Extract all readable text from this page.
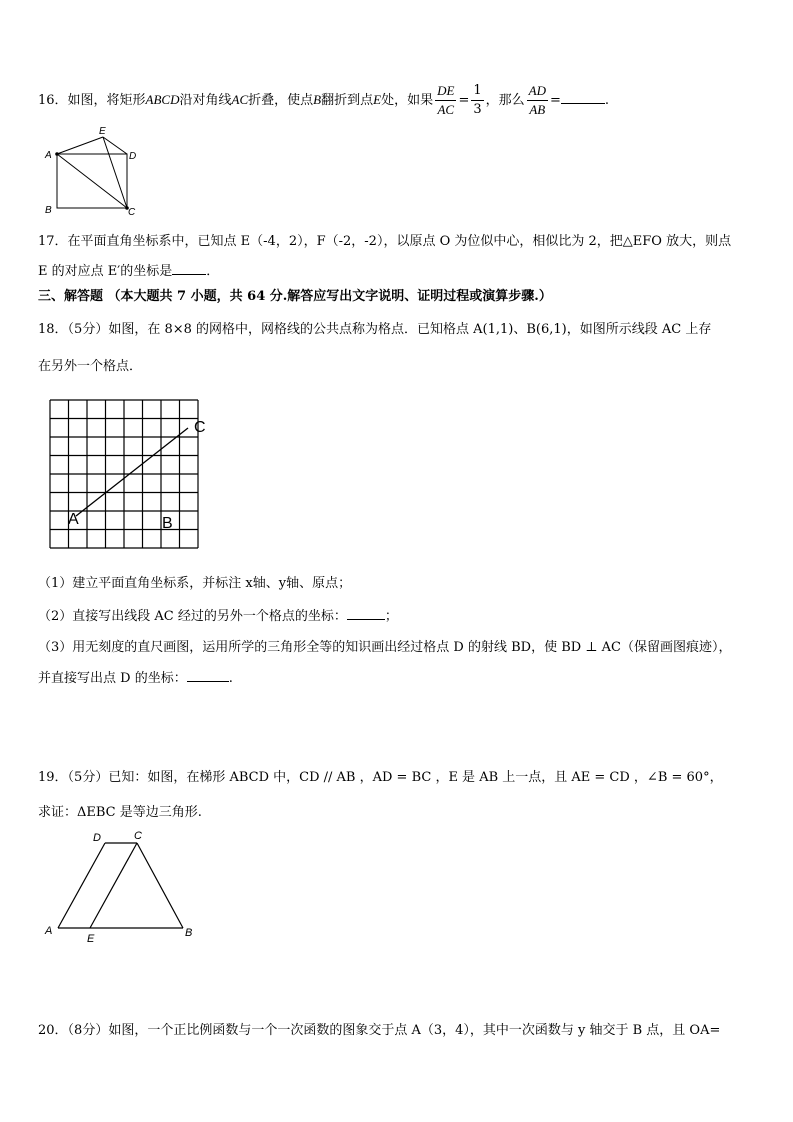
16．如图，将矩形ABCD沿对角线AC折叠，使点B翻折到点E处，如果 $\frac{DE}{AC} = \frac{1}{3}$ ，那么 $\frac{AD}{AB}$ =	.
A
B	C
D
E
17．在平面直角坐标系中，已知点 E（-4，2），F（-2，-2），以原点 O 为位似中心，相似比为 2，把△EFO 放大，则点
E 的对应点 E′的坐标是	．
三、解答题 （本大题共 7 小题，共 64 分.解答应写出文字说明、证明过程或演算步骤.）
18．（5分）如图，在 8×8 的网格中，网格线的公共点称为格点．已知格点 A(1,1)、B(6,1)，如图所示线段 AC 上存
在另外一个格点．
A	B
C
（1）建立平面直角坐标系，并标注 x轴、y轴、原点；
（2）直接写出线段 AC 经过的另外一个格点的坐标：	；
（3）用无刻度的直尺画图，运用所学的三角形全等的知识画出经过格点 D 的射线 BD，使 BD ⊥ AC（保留画图痕迹），
并直接写出点 D 的坐标：	.
19．（5分）已知：如图，在梯形 ABCD 中，CD // AB ，AD = BC ，E 是 AB 上一点，且 AE = CD ，∠B = 60°，
求证：ΔEBC 是等边三角形.
A	B
C
D
E
20．（8分）如图，一个正比例函数与一个一次函数的图象交于点 A（3，4），其中一次函数与 y 轴交于 B 点，且 OA=
